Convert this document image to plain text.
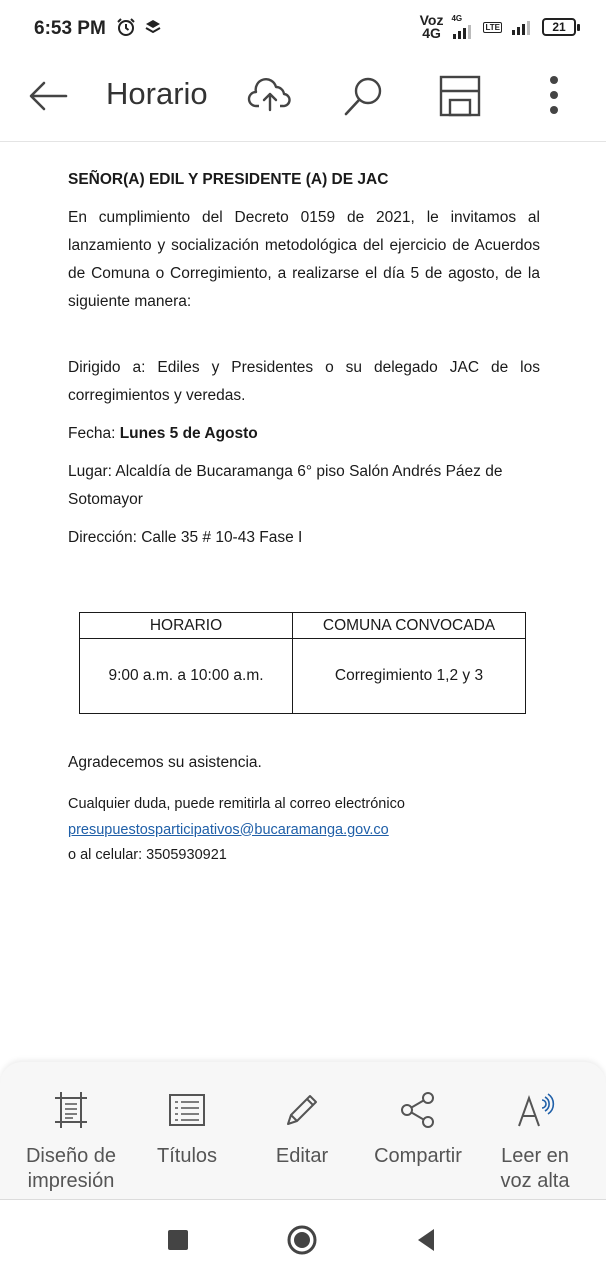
6:53 PM	Voz
4G
4G
LTE	21
Horario
SEÑOR(A) EDIL Y PRESIDENTE (A) DE JAC

En cumplimiento del Decreto 0159 de 2021, le invitamos al lanzamiento y socialización metodológica del ejercicio de Acuerdos de Comuna o Corregimiento, a realizarse el día 5 de agosto, de la siguiente manera:

Dirigido a: Ediles y Presidentes o su delegado JAC de los corregimientos y veredas.

Fecha: Lunes 5 de Agosto

Lugar: Alcaldía de Bucaramanga 6° piso Salón Andrés Páez de Sotomayor

Dirección: Calle 35 # 10-43 Fase I

HORARIO	COMUNA CONVOCADA
9:00 a.m. a 10:00 a.m.	Corregimiento 1,2 y 3
Agradecemos su asistencia.
Cualquier duda, puede remitirla al correo electrónico
presupuestosparticipativos@bucaramanga.gov.co
o al celular: 3505930921
Diseño de
impresión
Títulos	Editar	Compartir	Leer en
voz alta
